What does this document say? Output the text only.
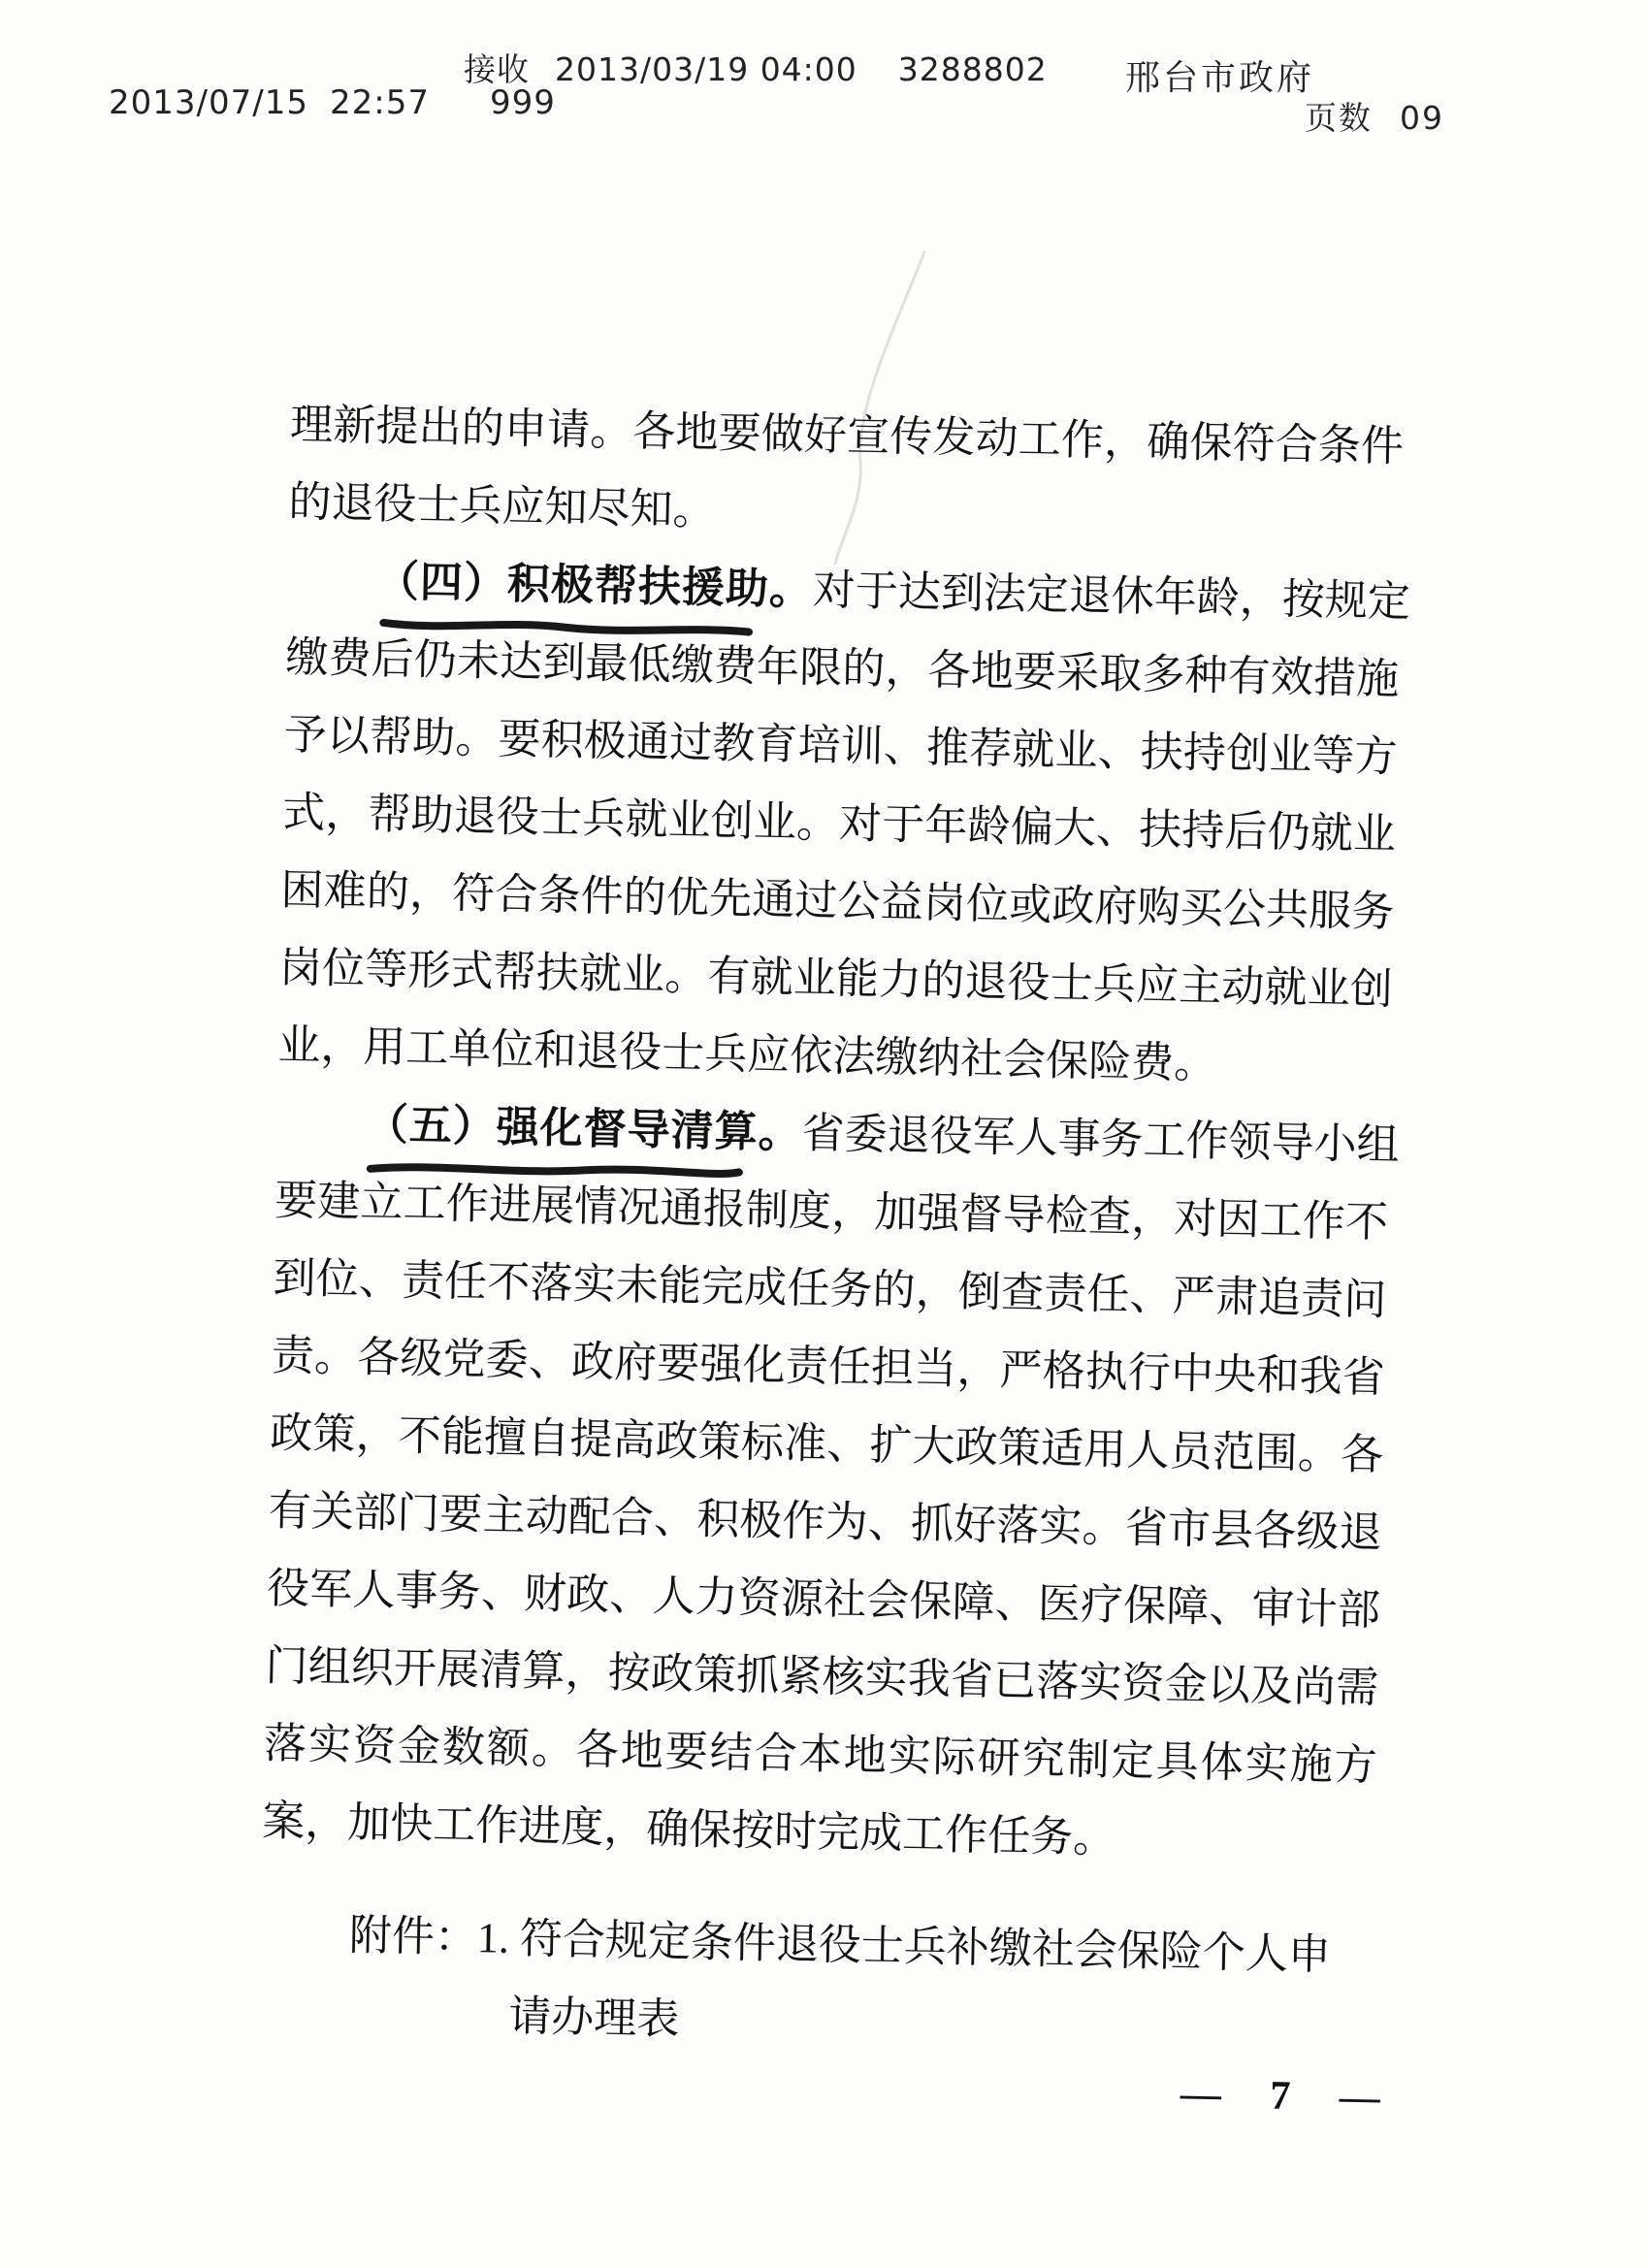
接收 2013/03/19 04:00 3288802 邢台市政府
2013/07/15 22:57 999	页数 09
理新提出的申请。各地要做好宣传发动工作，确保符合条件
的退役士兵应知尽知。
（四）积极帮扶援助。
对于达到法定退休年龄，按规定
缴费后仍未达到最低缴费年限的，各地要采取多种有效措施
予以帮助。要积极通过教育培训、推荐就业、扶持创业等方
式，帮助退役士兵就业创业。对于年龄偏大、扶持后仍就业
困难的，符合条件的优先通过公益岗位或政府购买公共服务
岗位等形式帮扶就业。有就业能力的退役士兵应主动就业创
业，用工单位和退役士兵应依法缴纳社会保险费。
（五）强化督导清算。
省委退役军人事务工作领导小组
要建立工作进展情况通报制度，加强督导检查，对因工作不
到位、责任不落实未能完成任务的，倒查责任、严肃追责问
责。各级党委、政府要强化责任担当，严格执行中央和我省
政策，不能擅自提高政策标准、扩大政策适用人员范围。各
有关部门要主动配合、积极作为、抓好落实。省市县各级退
役军人事务、财政、人力资源社会保障、医疗保障、审计部
门组织开展清算，按政策抓紧核实我省已落实资金以及尚需
落实资金数额。各地要结合本地实际研究制定具体实施方
案，加快工作进度，确保按时完成工作任务。
附件：1. 符合规定条件退役士兵补缴社会保险个人申
请办理表
— 7 —
